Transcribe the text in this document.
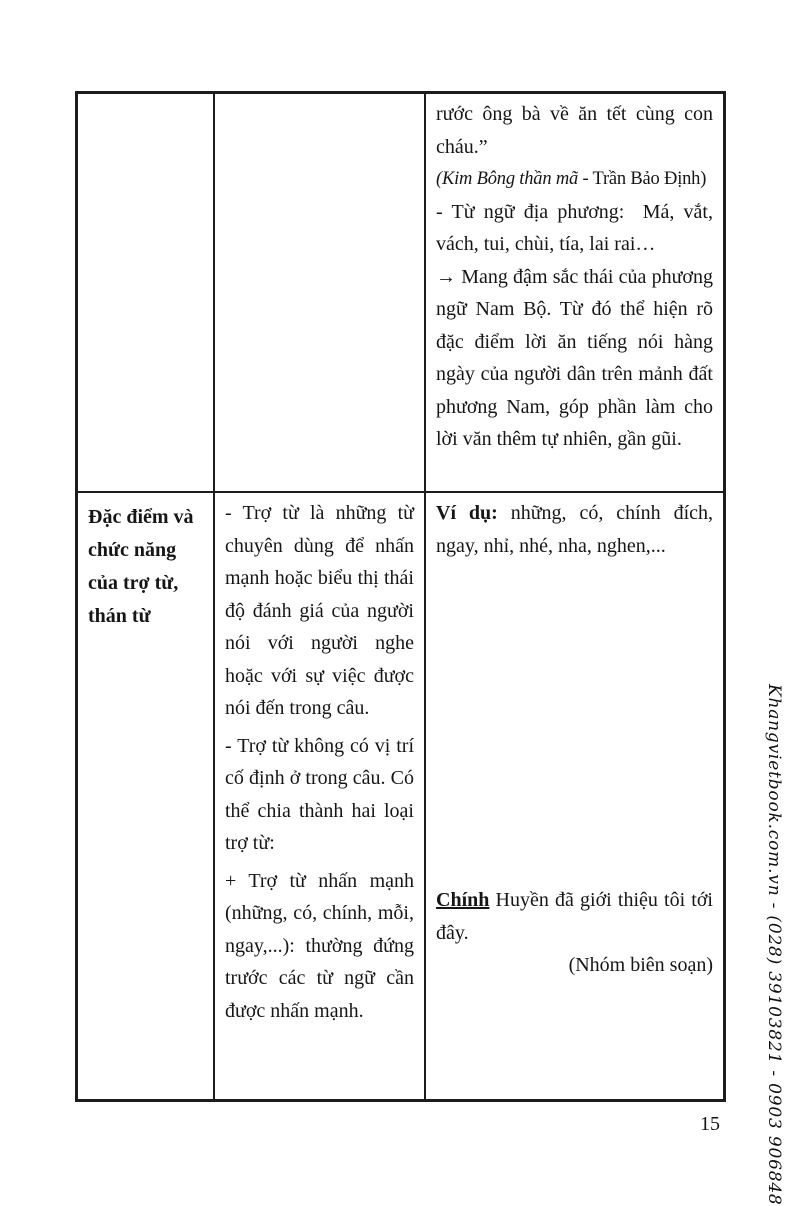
rước ông bà về ăn tết cùng con cháu.”

(Kim Bông thần mã - Trần Bảo Định)

- Từ ngữ địa phương:  Má, vắt, vách, tui, chùi, tía, lai rai…

→ Mang đậm sắc thái của phương ngữ Nam Bộ. Từ đó thể hiện rõ đặc điểm lời ăn tiếng nói hàng ngày của người dân trên mảnh đất phương Nam, góp phần làm cho lời văn thêm tự nhiên, gần gũi.

Đặc điểm và chức năng của trợ từ, thán từ

- Trợ từ là những từ chuyên dùng để nhấn mạnh hoặc biểu thị thái độ đánh giá của người nói với người nghe hoặc với sự việc được nói đến trong câu.

- Trợ từ không có vị trí cố định ở trong câu. Có thể chia thành hai loại trợ từ:

+ Trợ từ nhấn mạnh (những, có, chính, mỗi, ngay,...): thường đứng trước các từ ngữ cần được nhấn mạnh.

Ví dụ: những, có, chính đích, ngay, nhỉ, nhé, nha, nghen,...

Chính Huyền đã giới thiệu tôi tới đây.

(Nhóm biên soạn)	Khangvietbook.com.vn - (028) 39103821 - 0903 906848
15
